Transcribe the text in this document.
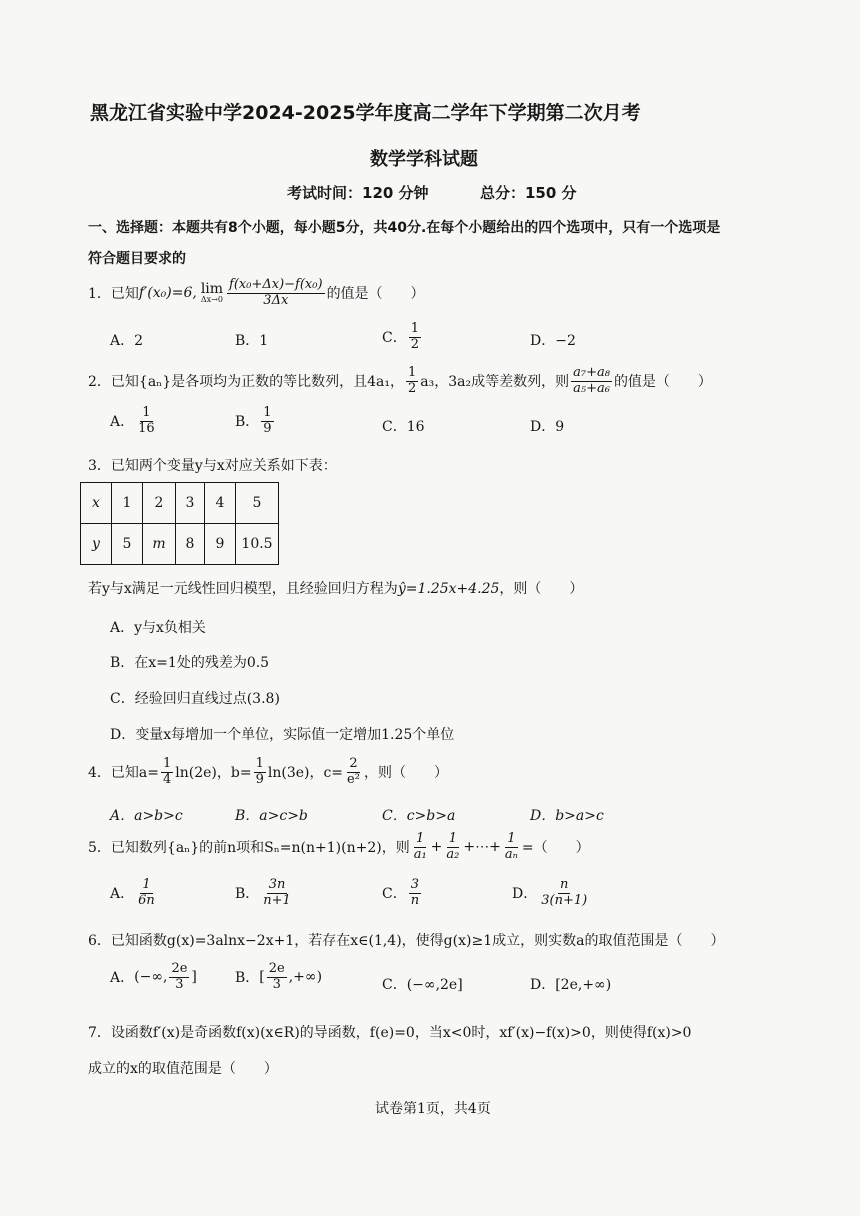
黑龙江省实验中学2024-2025学年度高二学年下学期第二次月考
数学学科试题
考试时间：120 分钟	总分：150 分
一、选择题：本题共有8个小题，每小题5分，共40分.在每个小题给出的四个选项中，只有一个选项是
符合题目要求的
1．已知 f′(x₀)=6, lim
$\Delta x\to 0 \frac{\text{f(x₀+Δx)−f(x₀)}}{3\Delta x}$ 的值是（　　）
A．2	B．1	C． $\frac{1}{2}$	D．−2
2．已知{aₙ}是各项均为正数的等比数列，且4a₁， $\frac{1}{2} a_3$，3a₂成等差数列，则 $\frac{\text{a₇+a₈}}{\text{a₅+a₆}}$ 的值是（　　）
A． $\frac{1}{16}$	B． $\frac{1}{9}$	C．16	D．9
3．已知两个变量y与x对应关系如下表：
x	1	2	3	4	5
y	5	m	8	9	10.5
若y与x满足一元线性回归模型，且经验回归方程为ŷ=1.25x+4.25，则（　　）
A．y与x负相关
B．在x=1处的残差为0.5
C．经验回归直线过点(3.8)
D．变量x每增加一个单位，实际值一定增加1.25个单位
4．已知$a= \frac{1}{4} \ln(2e)$，$b= \frac{1}{9} \ln(3e)$，$c= \frac{2}{\text{e²}}$ ，则（　　）
A．a>b>c	B．a>c>b	C．c>b>a	D．b>a>c
5．已知数列{aₙ}的前n项和Sₙ=n(n+1)(n+2)，则 $\frac{1}{\text{a₁}} + \frac{1}{\text{a₂}}$ +⋯+ $\frac{1}{\text{aₙ}}$ =（　　）
A． $\frac{1}{6n}$	B． $\frac{3n}{n+1}$	C． $\frac{3}{n}$	D． $\frac{n}{3(n+1)}$
6．已知函数g(x)=3alnx−2x+1，若存在x∈(1,4)，使得g(x)≥1成立，则实数a的取值范围是（　　）
A． (−∞, $\frac{2e}{3}$ ]	B． [ $\frac{2e}{3}$ ,+∞)	C．(−∞,2e]	D．[2e,+∞)
7．设函数f′(x)是奇函数f(x)(x∈R)的导函数，f(e)=0，当x<0时，xf′(x)−f(x)>0，则使得f(x)>0
成立的x的取值范围是（　　）
试卷第1页，共4页
